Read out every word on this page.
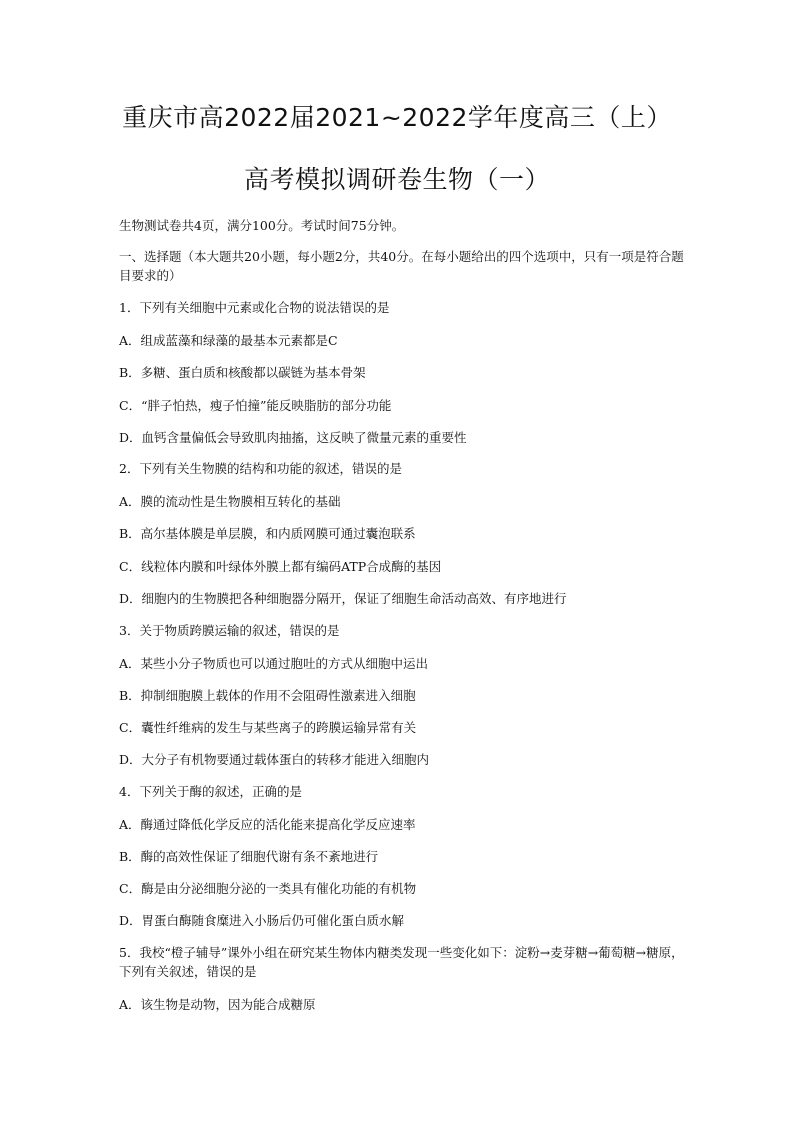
重庆市高2022届2021~2022学年度高三（上）
高考模拟调研卷生物（一）

生物测试卷共4页，满分100分。考试时间75分钟。

一、选择题（本大题共20小题，每小题2分，共40分。在每小题给出的四个选项中，只有一项是符合题目要求的）

1．下列有关细胞中元素或化合物的说法错误的是

A．组成蓝藻和绿藻的最基本元素都是C

B．多糖、蛋白质和核酸都以碳链为基本骨架

C．“胖子怕热，瘦子怕撞”能反映脂肪的部分功能

D．血钙含量偏低会导致肌肉抽搐，这反映了微量元素的重要性

2．下列有关生物膜的结构和功能的叙述，错误的是

A．膜的流动性是生物膜相互转化的基础

B．高尔基体膜是单层膜，和内质网膜可通过囊泡联系

C．线粒体内膜和叶绿体外膜上都有编码ATP合成酶的基因

D．细胞内的生物膜把各种细胞器分隔开，保证了细胞生命活动高效、有序地进行

3．关于物质跨膜运输的叙述，错误的是

A．某些小分子物质也可以通过胞吐的方式从细胞中运出

B．抑制细胞膜上载体的作用不会阻碍性激素进入细胞

C．囊性纤维病的发生与某些离子的跨膜运输异常有关

D．大分子有机物要通过载体蛋白的转移才能进入细胞内

4．下列关于酶的叙述，正确的是

A．酶通过降低化学反应的活化能来提高化学反应速率

B．酶的高效性保证了细胞代谢有条不紊地进行

C．酶是由分泌细胞分泌的一类具有催化功能的有机物

D．胃蛋白酶随食糜进入小肠后仍可催化蛋白质水解

5．我校“橙子辅导”课外小组在研究某生物体内糖类发现一些变化如下：淀粉→麦芽糖→葡萄糖→糖原，下列有关叙述，错误的是

A．该生物是动物，因为能合成糖原
